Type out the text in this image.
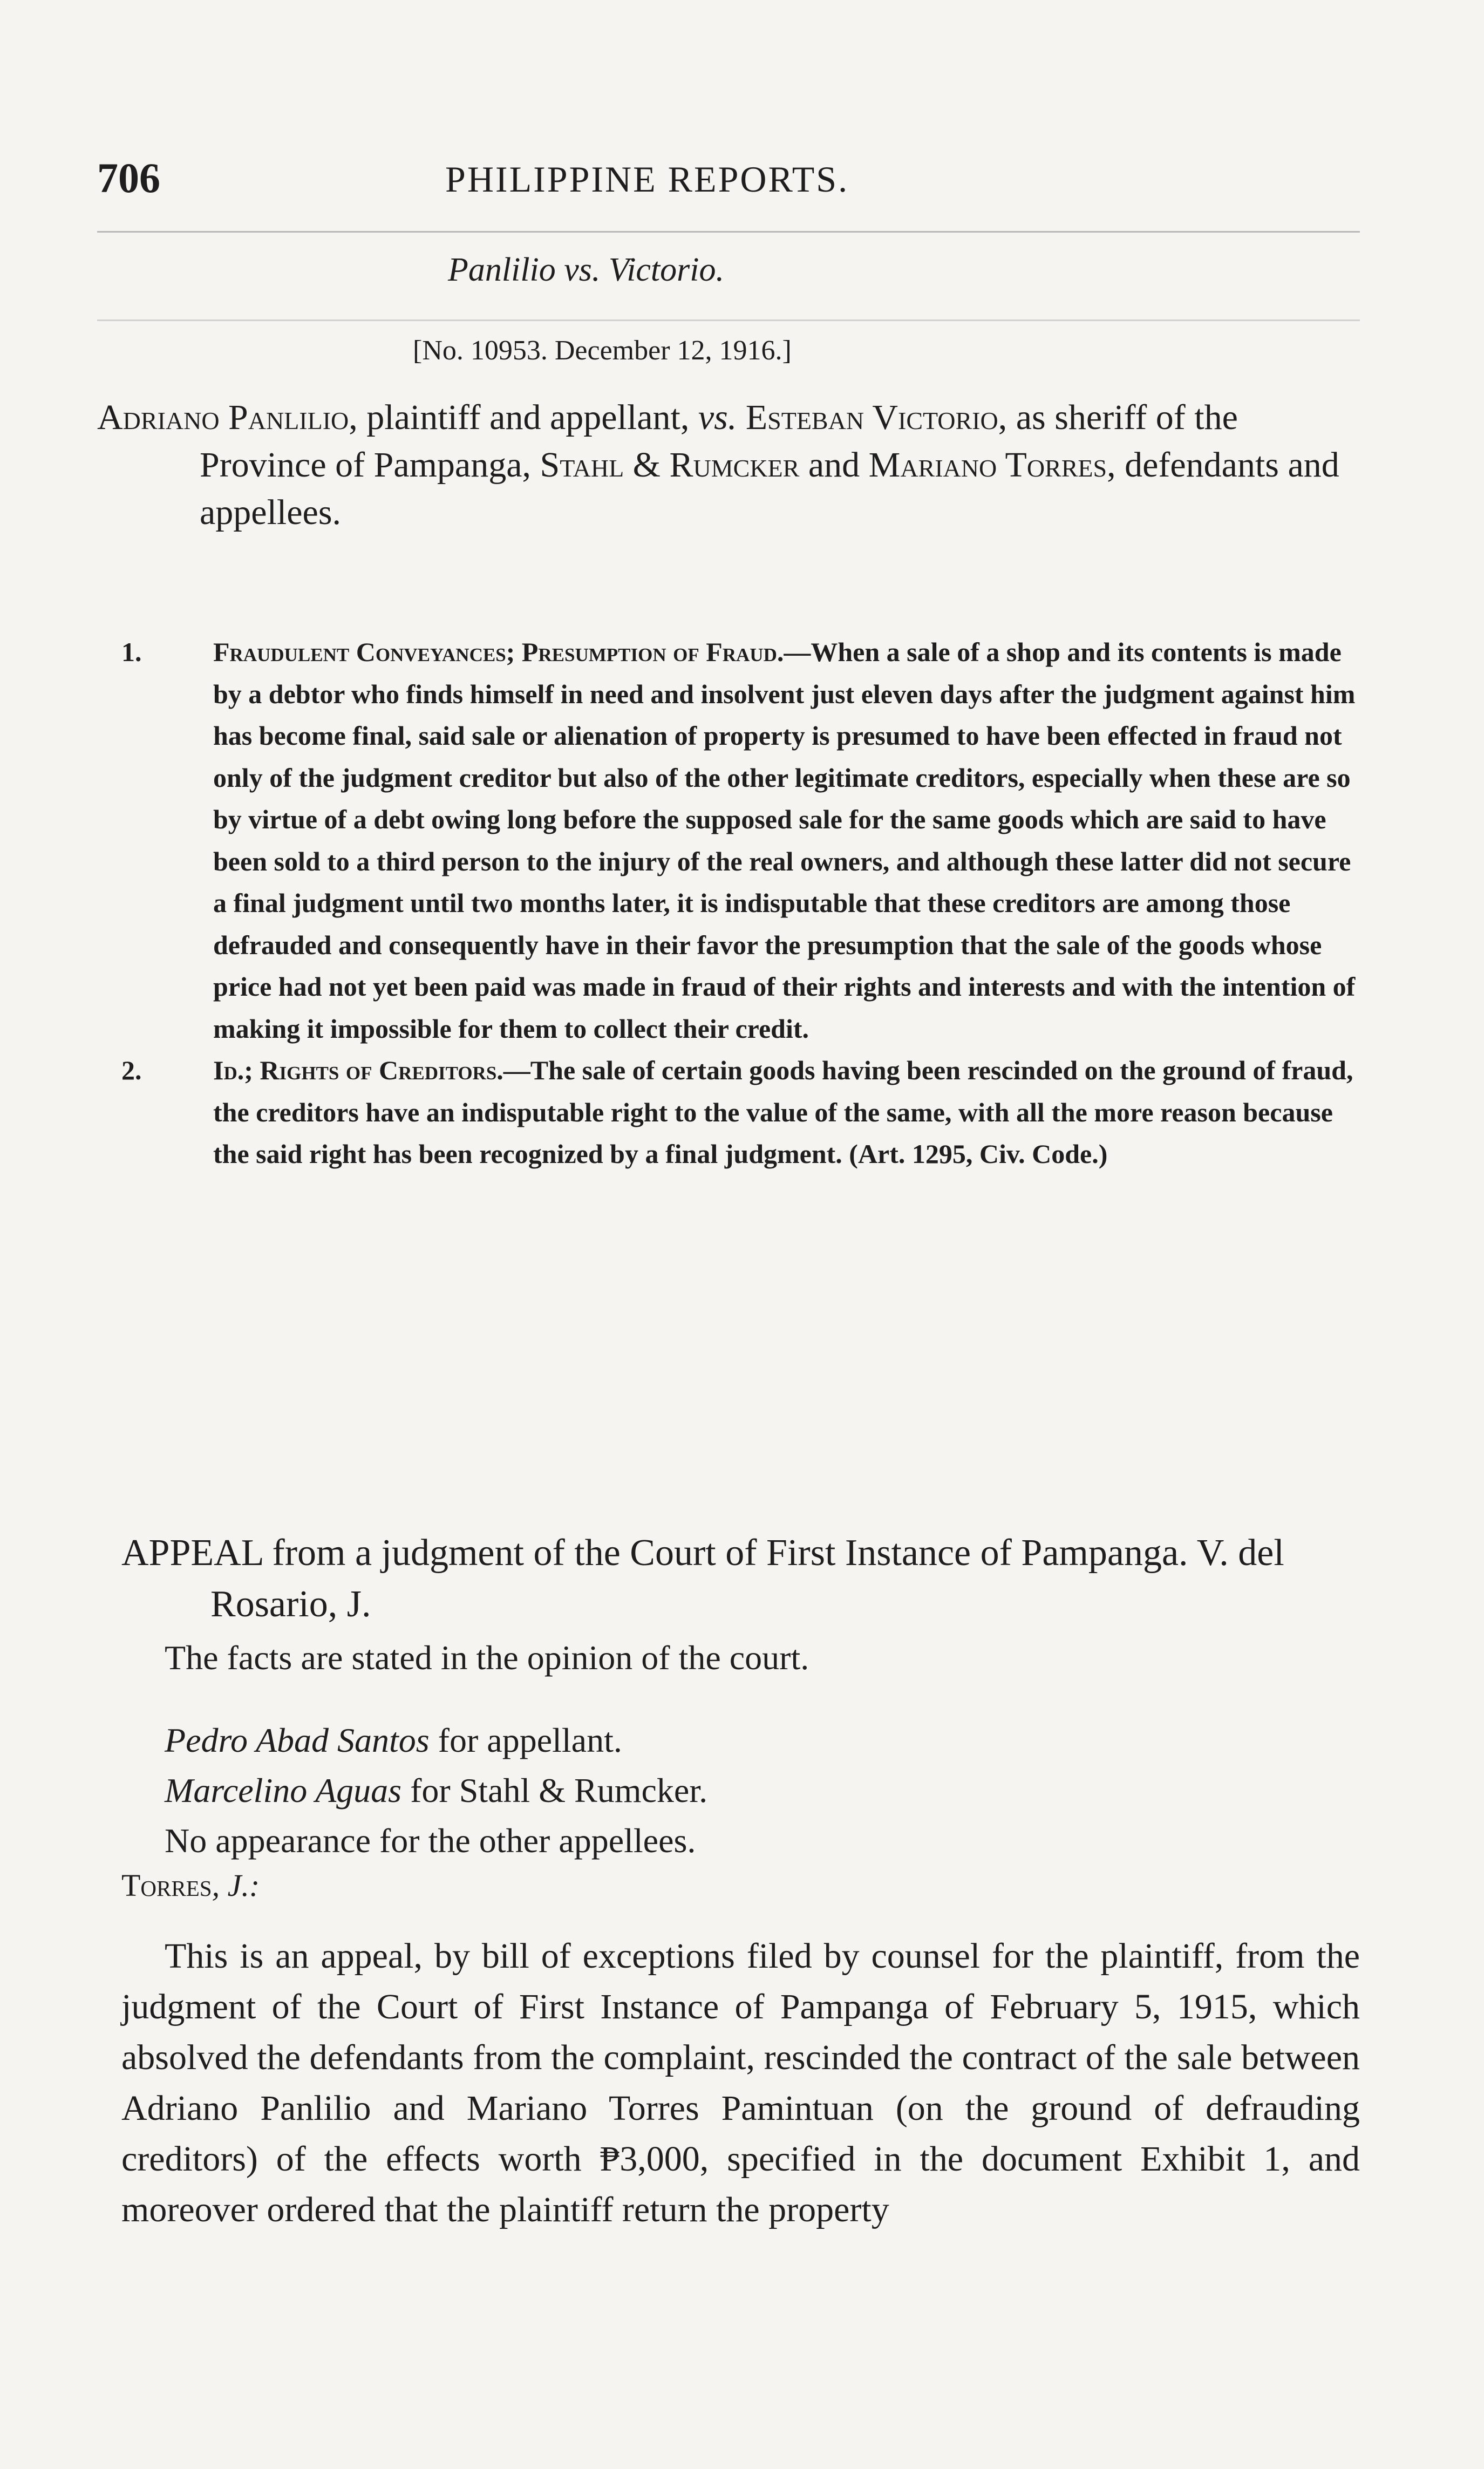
706	PHILIPPINE REPORTS.
Panlilio vs. Victorio.
[No. 10953. December 12, 1916.]

Adriano Panlilio, plaintiff and appellant, vs. Esteban Victorio, as sheriff of the Province of Pampanga, Stahl & Rumcker and Mariano Torres, defendants and appellees.

1.	Fraudulent Conveyances; Presumption of Fraud.—When a sale of a shop and its contents is made by a debtor who finds himself in need and insolvent just eleven days after the judgment against him has become final, said sale or alienation of property is presumed to have been effected in fraud not only of the judgment creditor but also of the other legitimate creditors, especially when these are so by virtue of a debt owing long before the supposed sale for the same goods which are said to have been sold to a third person to the injury of the real owners, and although these latter did not secure a final judgment until two months later, it is indisputable that these creditors are among those defrauded and consequently have in their favor the presumption that the sale of the goods whose price had not yet been paid was made in fraud of their rights and interests and with the intention of making it impossible for them to collect their credit.

2.	Id.; Rights of Creditors.—The sale of certain goods having been rescinded on the ground of fraud, the creditors have an indisputable right to the value of the same, with all the more reason because the said right has been recognized by a final judgment. (Art. 1295, Civ. Code.)

APPEAL from a judgment of the Court of First Instance of Pampanga. V. del Rosario, J.

The facts are stated in the opinion of the court.
Pedro Abad Santos for appellant.
Marcelino Aguas for Stahl & Rumcker.
No appearance for the other appellees.
Torres, J.:

This is an appeal, by bill of exceptions filed by counsel for the plaintiff, from the judgment of the Court of First Instance of Pampanga of February 5, 1915, which absolved the defendants from the complaint, rescinded the contract of the sale between Adriano Panlilio and Mariano Torres Pamintuan (on the ground of defrauding creditors) of the effects worth ₱3,000, specified in the document Exhibit 1, and moreover ordered that the plaintiff return the property
